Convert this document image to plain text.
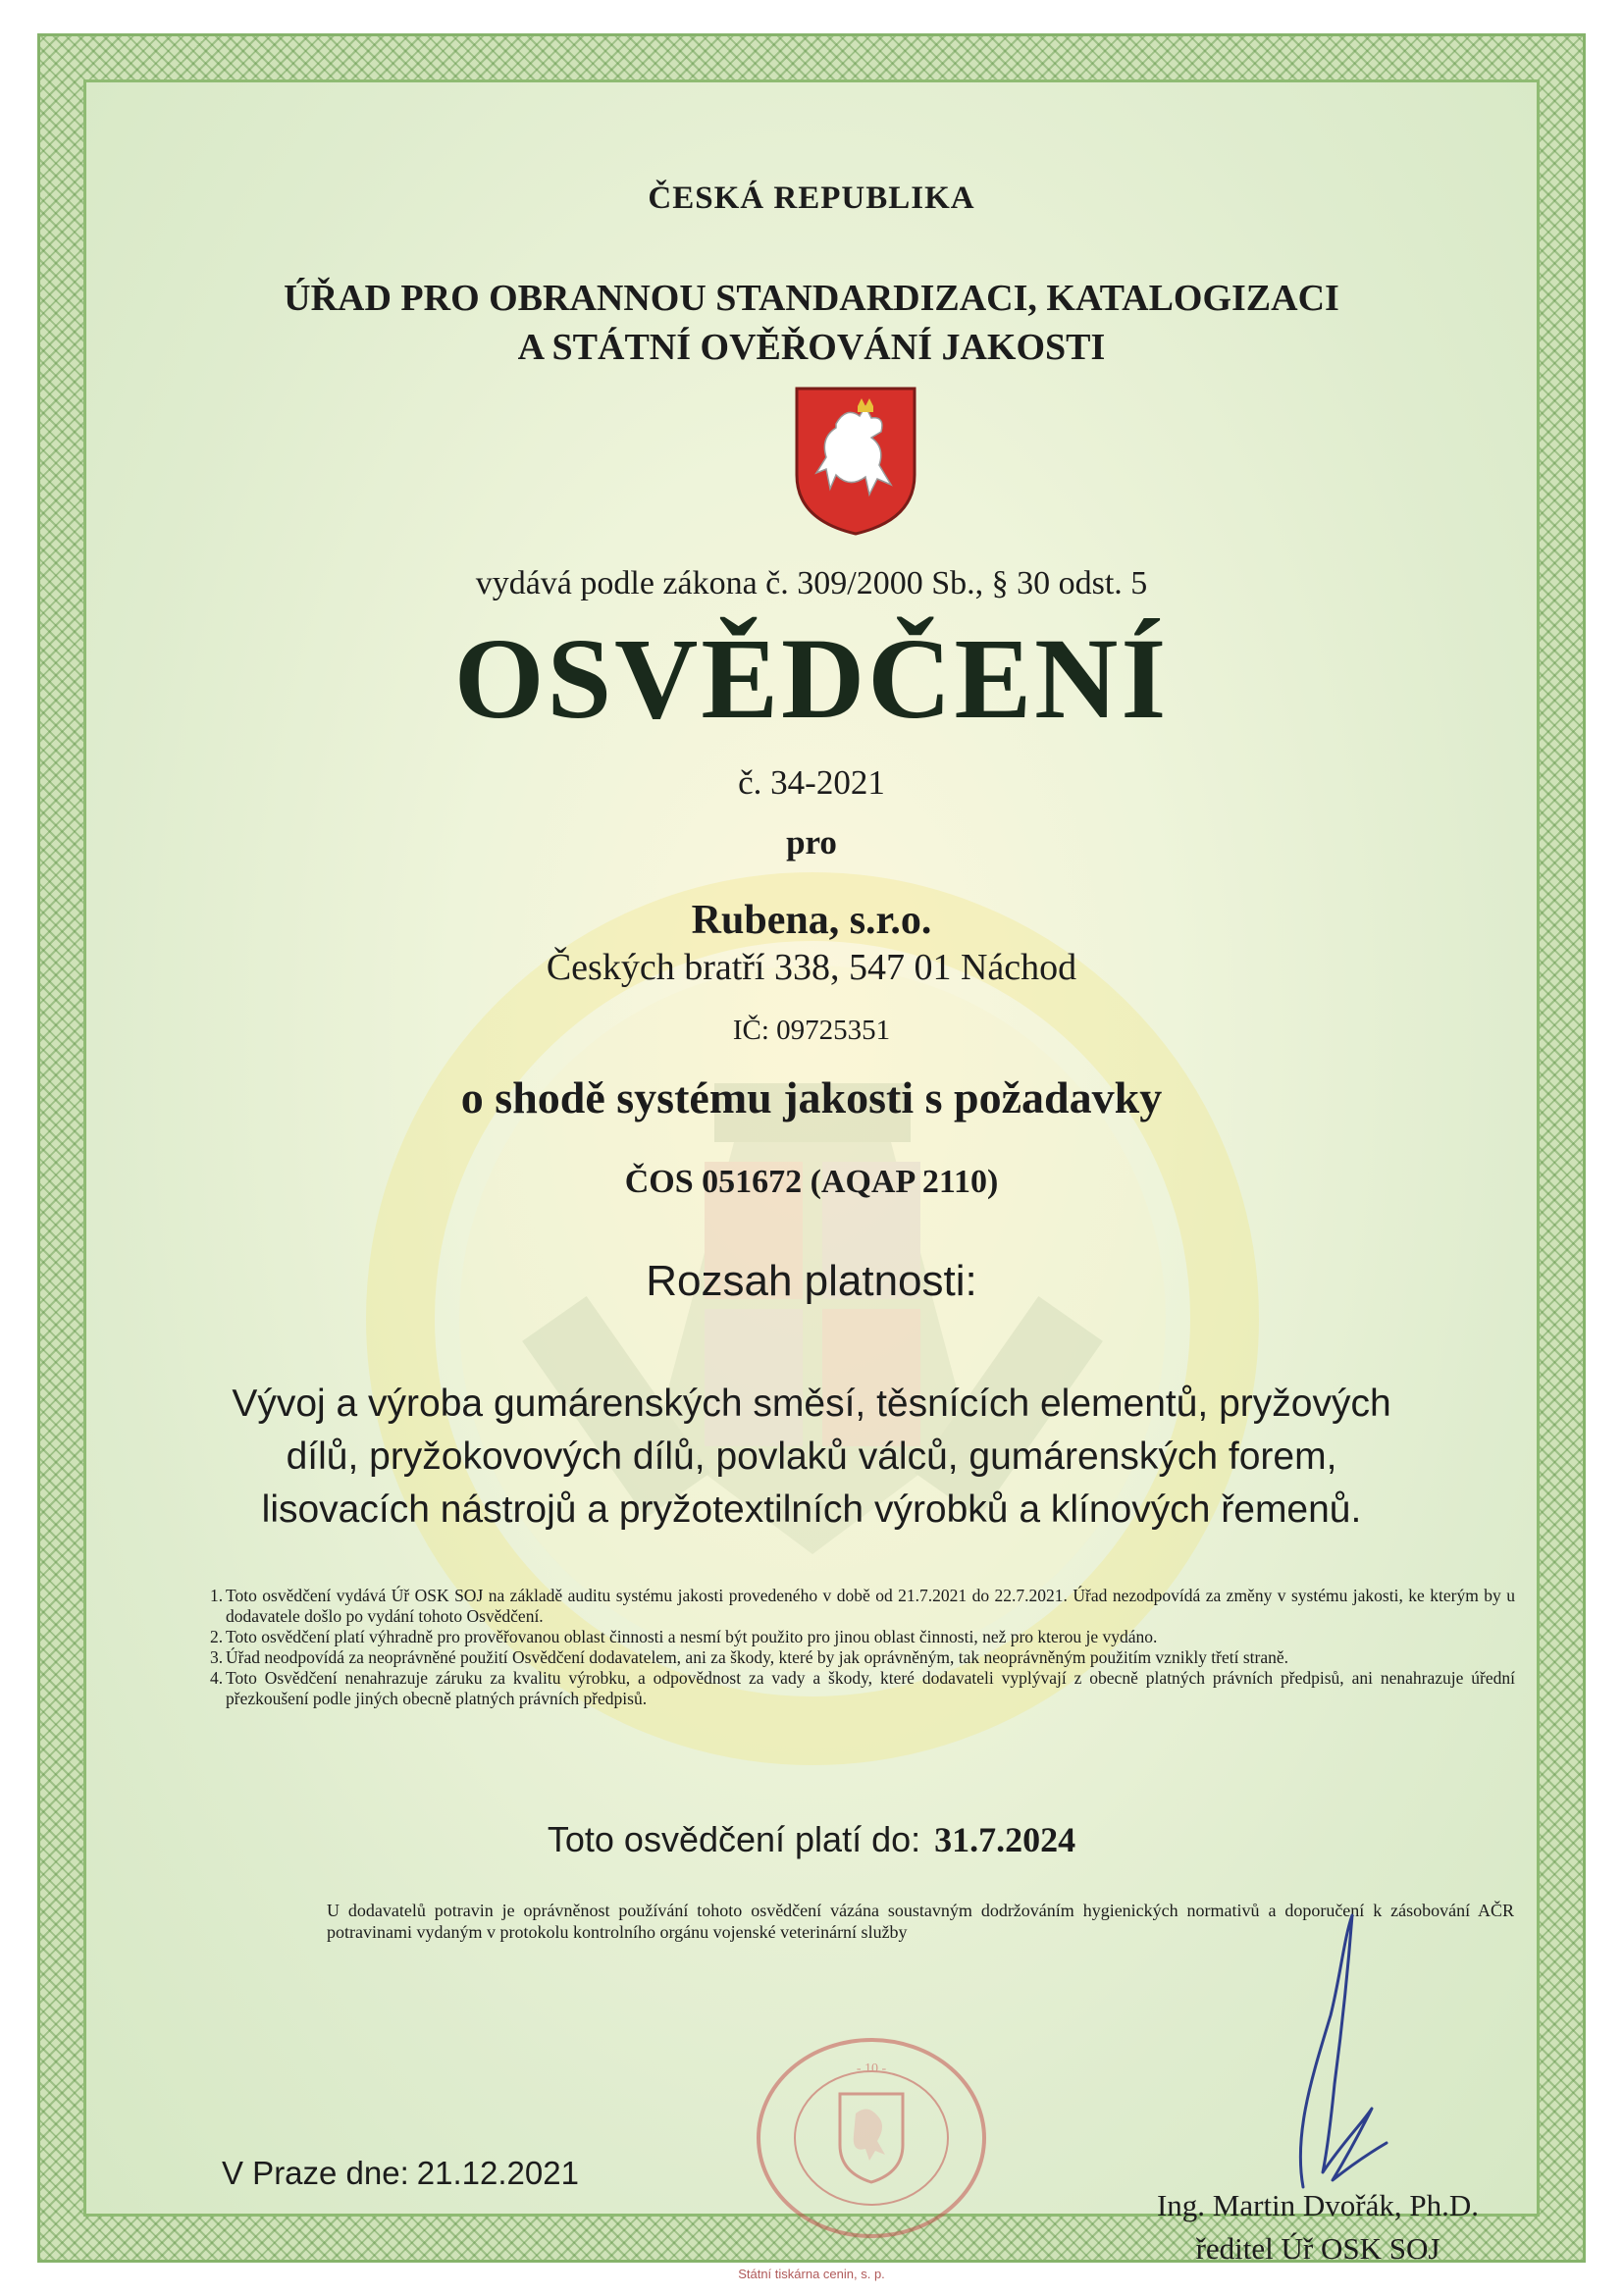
ČESKÁ REPUBLIKA
ÚŘAD PRO OBRANNOU STANDARDIZACI, KATALOGIZACI
A STÁTNÍ OVĚŘOVÁNÍ JAKOSTI
vydává podle zákona č. 309/2000 Sb., § 30 odst. 5
OSVĚDČENÍ
č. 34-2021
pro
Rubena, s.r.o.
Českých bratří 338, 547 01 Náchod
IČ: 09725351
o shodě systému jakosti s požadavky
ČOS 051672 (AQAP 2110)
Rozsah platnosti:
Vývoj a výroba gumárenských směsí, těsnících elementů, pryžových
dílů, pryžokovových dílů, povlaků válců, gumárenských forem,
lisovacích nástrojů a pryžotextilních výrobků a klínových řemenů.
1. Toto osvědčení vydává Úř OSK SOJ na základě auditu systému jakosti provedeného v době od 21.7.2021 do 22.7.2021. Úřad nezodpovídá za změny v systému jakosti, ke kterým by u dodavatele došlo po vydání tohoto Osvědčení.
2. Toto osvědčení platí výhradně pro prověřovanou oblast činnosti a nesmí být použito pro jinou oblast činnosti, než pro kterou je vydáno.
3. Úřad neodpovídá za neoprávněné použití Osvědčení dodavatelem, ani za škody, které by jak oprávněným, tak neoprávněným použitím vznikly třetí straně.
4. Toto Osvědčení nenahrazuje záruku za kvalitu výrobku, a odpovědnost za vady a škody, které dodavateli vyplývají z obecně platných právních předpisů, ani nenahrazuje úřední přezkoušení podle jiných obecně platných právních předpisů.
Toto osvědčení platí do: 31.7.2024
U dodavatelů potravin je oprávněnost používání tohoto osvědčení vázána soustavným dodržováním hygienických normativů a doporučení k zásobování AČR potravinami vydaným v protokolu kontrolního orgánu vojenské veterinární služby
- 10 -
V Praze dne: 21.12.2021
Ing. Martin Dvořák, Ph.D.
ředitel Úř OSK SOJ
Státní tiskárna cenin, s. p.
